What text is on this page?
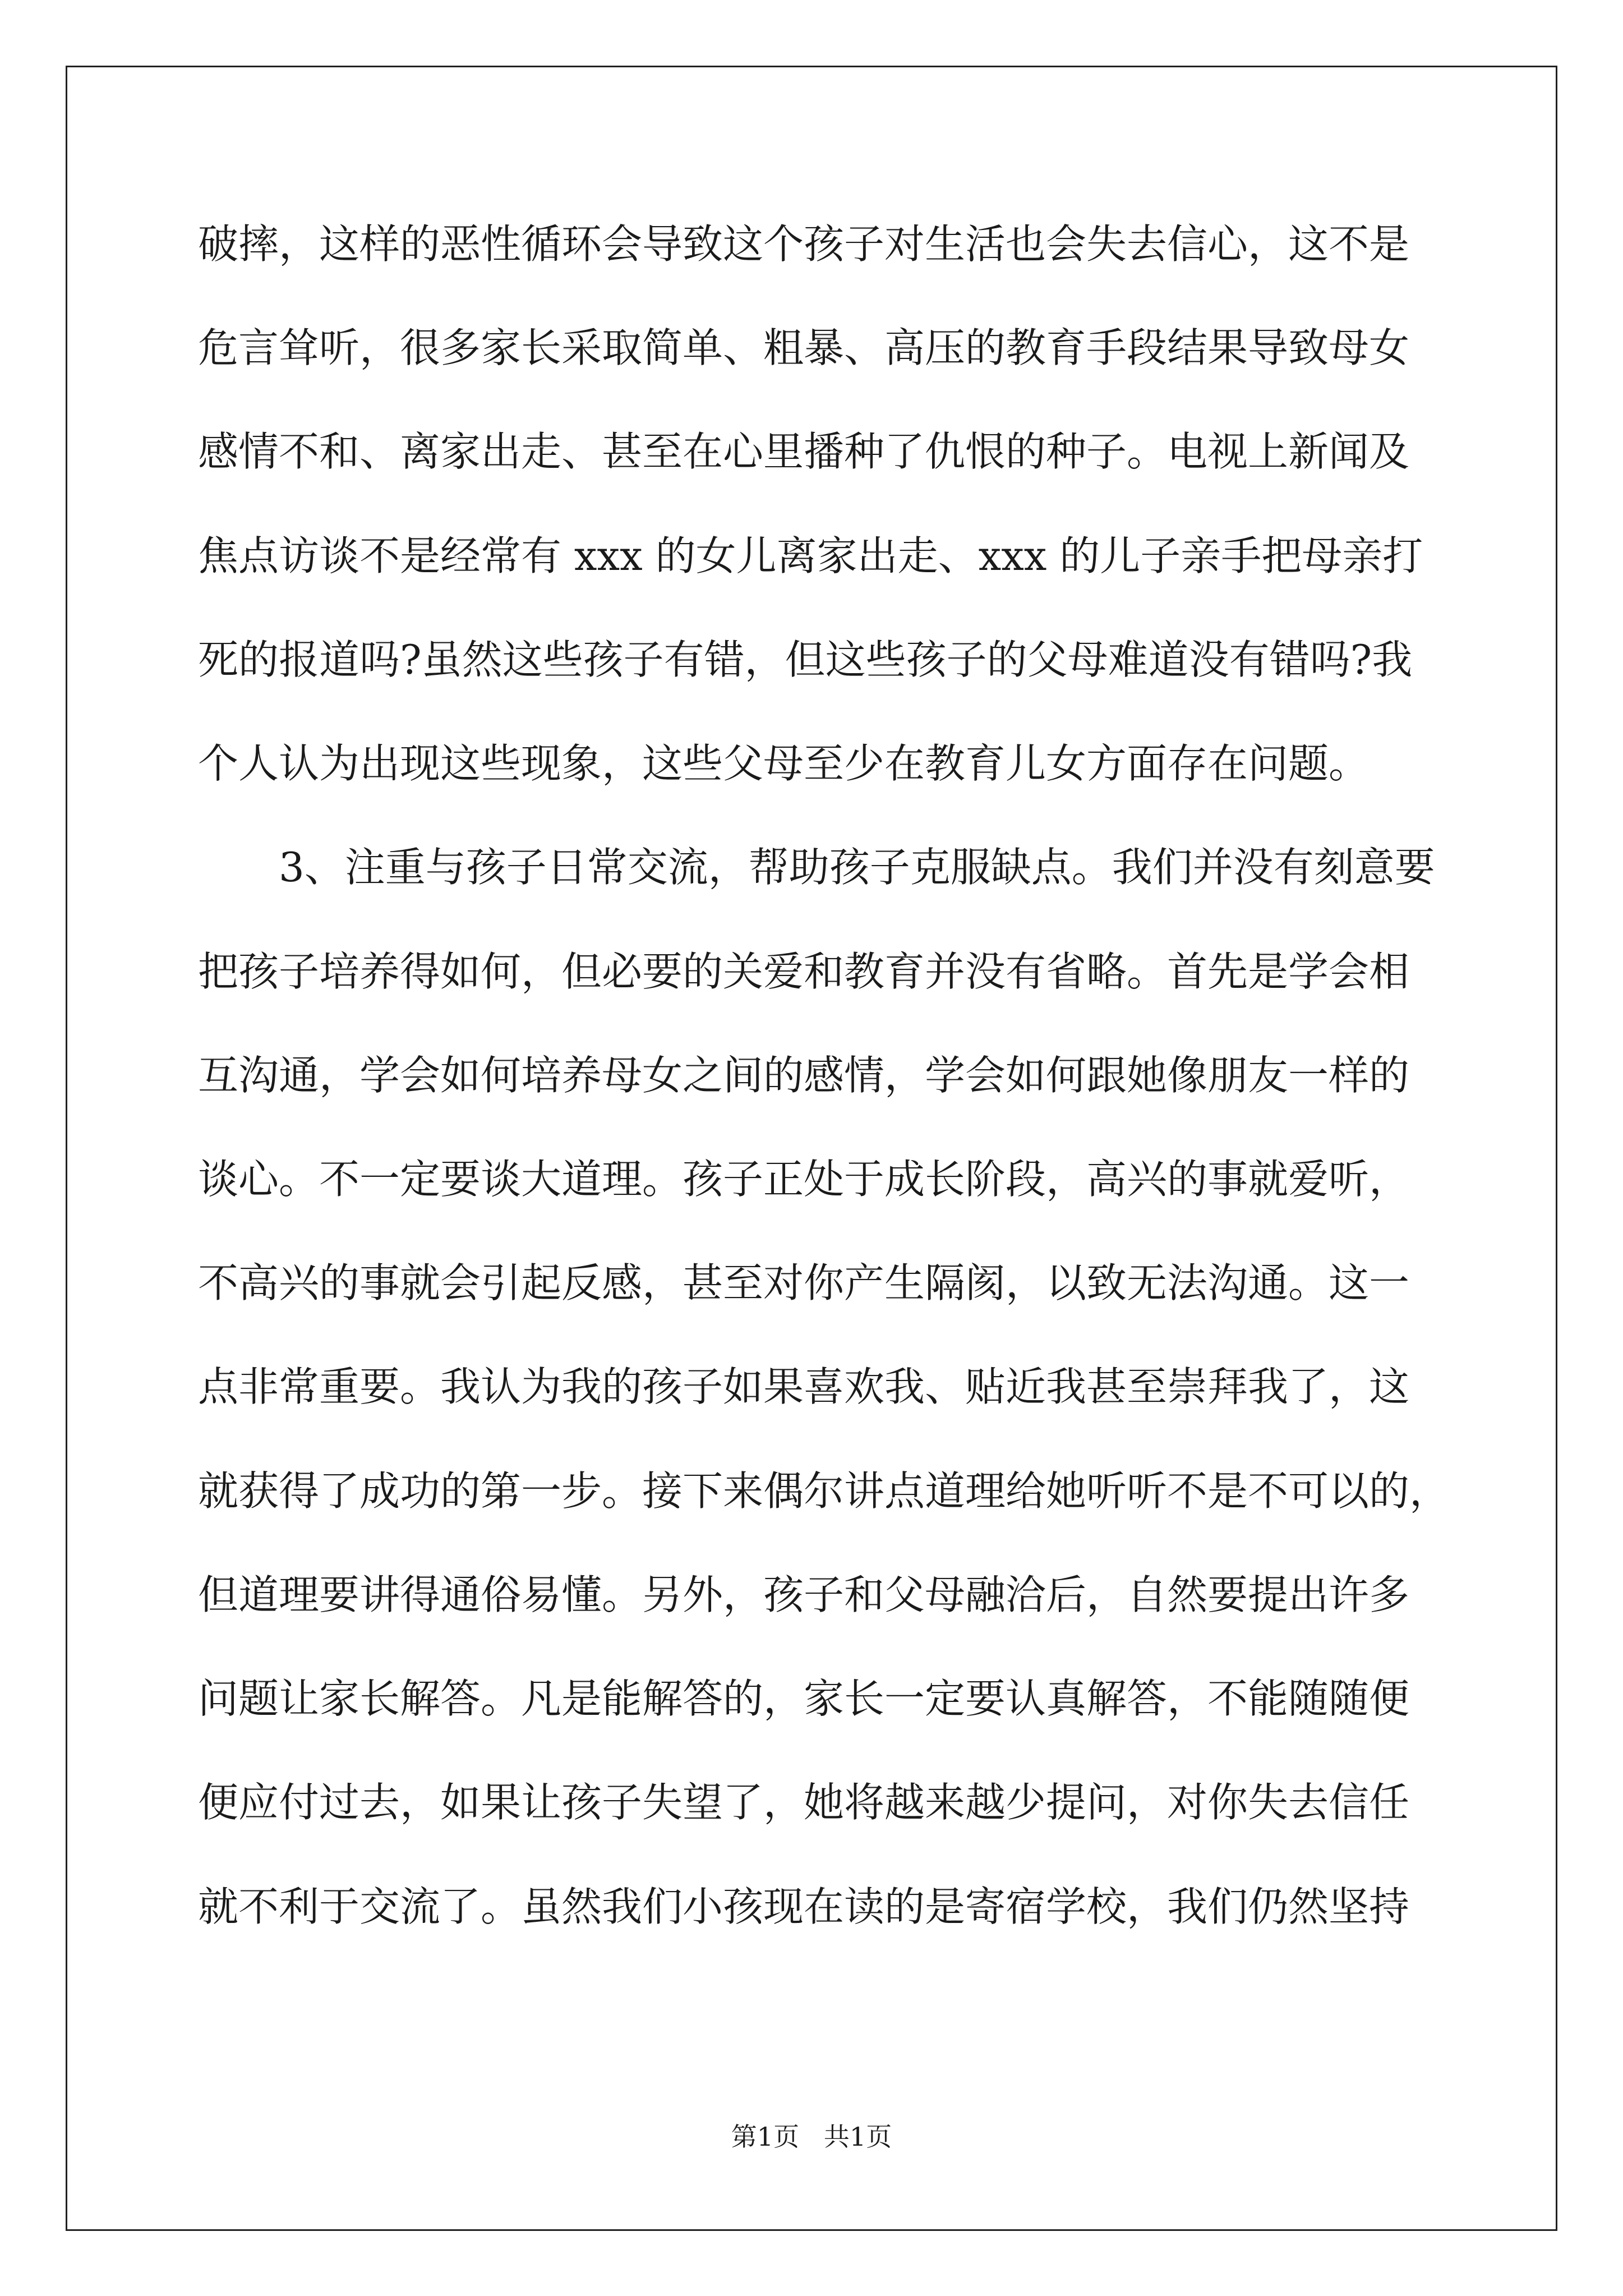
破摔，这样的恶性循环会导致这个孩子对生活也会失去信心，这不是

危言耸听，很多家长采取简单、粗暴、高压的教育手段结果导致母女

感情不和、离家出走、甚至在心里播种了仇恨的种子。电视上新闻及

焦点访谈不是经常有 xxx 的女儿离家出走、xxx 的儿子亲手把母亲打

死的报道吗?虽然这些孩子有错，但这些孩子的父母难道没有错吗?我

个人认为出现这些现象，这些父母至少在教育儿女方面存在问题。

3、注重与孩子日常交流，帮助孩子克服缺点。我们并没有刻意要

把孩子培养得如何，但必要的关爱和教育并没有省略。首先是学会相

互沟通，学会如何培养母女之间的感情，学会如何跟她像朋友一样的

谈心。不一定要谈大道理。孩子正处于成长阶段，高兴的事就爱听，

不高兴的事就会引起反感，甚至对你产生隔阂，以致无法沟通。这一

点非常重要。我认为我的孩子如果喜欢我、贴近我甚至崇拜我了，这

就获得了成功的第一步。接下来偶尔讲点道理给她听听不是不可以的，

但道理要讲得通俗易懂。另外，孩子和父母融洽后，自然要提出许多

问题让家长解答。凡是能解答的，家长一定要认真解答，不能随随便

便应付过去，如果让孩子失望了，她将越来越少提问，对你失去信任

就不利于交流了。虽然我们小孩现在读的是寄宿学校，我们仍然坚持

第1页   共1页
